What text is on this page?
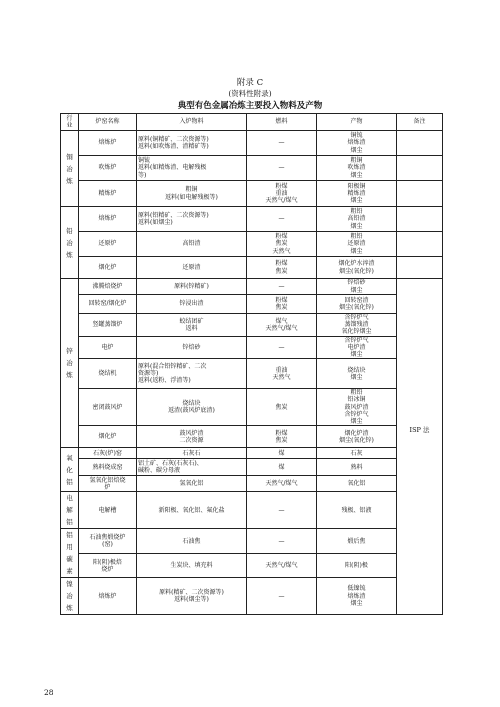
附录 C
(资料性附录)
典型有色金属冶炼主要投入物料及产物
行
业	炉窑名称	入炉物料	燃料	产物	备注
铜
冶
炼	熔炼炉	原料(铜精矿、二次资源等)
返料(如吹炼渣、渣精矿等)	—	铜锍
熔炼渣
烟尘	
	吹炼炉	铜锍
返料(如精炼渣、电解残极
等)	—	粗铜
吹炼渣
烟尘	
	精炼炉	粗铜
返料(如电解残极等)	粉煤
重油
天然气/煤气	阳极铜
精炼渣
烟尘	
铅
冶
炼	熔炼炉	原料(铅精矿、二次资源等)
返料(如烟尘)	—	粗铅
高铅渣
烟尘	
	还原炉	高铅渣	粉煤
焦炭
天然气	粗铅
还原渣
烟尘	
	烟化炉	还原渣	粉煤
焦炭	烟化炉水淬渣
烟尘(氧化锌)	
锌
冶
炼	沸腾焙烧炉	原料(锌精矿)	—	锌焙砂
烟尘	ISP 法
	回转窑/烟化炉	锌浸出渣	粉煤
焦炭	回转窑渣
烟尘(氧化锌)	
	竖罐蒸馏炉	蛟结团矿
返料	煤气
天然气/煤气	含锌炉气
蒸馏残渣
氧化锌烟尘	
	电炉	锌焙砂	—	含锌炉气
电炉渣
烟尘	
	烧结机	原料(混合铅锌精矿、二次
资源等)
返料(返粉、浮渣等)	重油
天然气	烧结块
烟尘	
	密闭鼓风炉	烧结块
返渣(鼓风炉底渣)	焦炭	粗铅
铅冰铜
鼓风炉渣
含锌炉气
烟尘	
	烟化炉	鼓风炉渣
二次资源	粉煤
焦炭	烟化炉渣
烟尘(氧化锌)	
氧
化
铝	石灰(炉)窑	石灰石	煤	石灰	
	熟料烧成窑	铝土矿、石灰(石灰石)、
碱粉、碳分母液	煤	熟料	
	氢氧化铝焙烧
炉	氢氧化铝	天然气/煤气	氧化铝	
电
解
铝	电解槽	新阳极、氧化铝、氟化盐	—	残极、铝液	
铝
用
碳
素	石油焦煅烧炉
(窑)	石油焦	—	煅后焦	
	阳(阴)极焙
烧炉	生炭块、填充料	天然气/煤气	阳(阴)极	
镍
冶
炼	熔炼炉	原料(精矿、二次资源等)
返料(烟尘等)	—	低镍锍
熔炼渣
烟尘	
28
